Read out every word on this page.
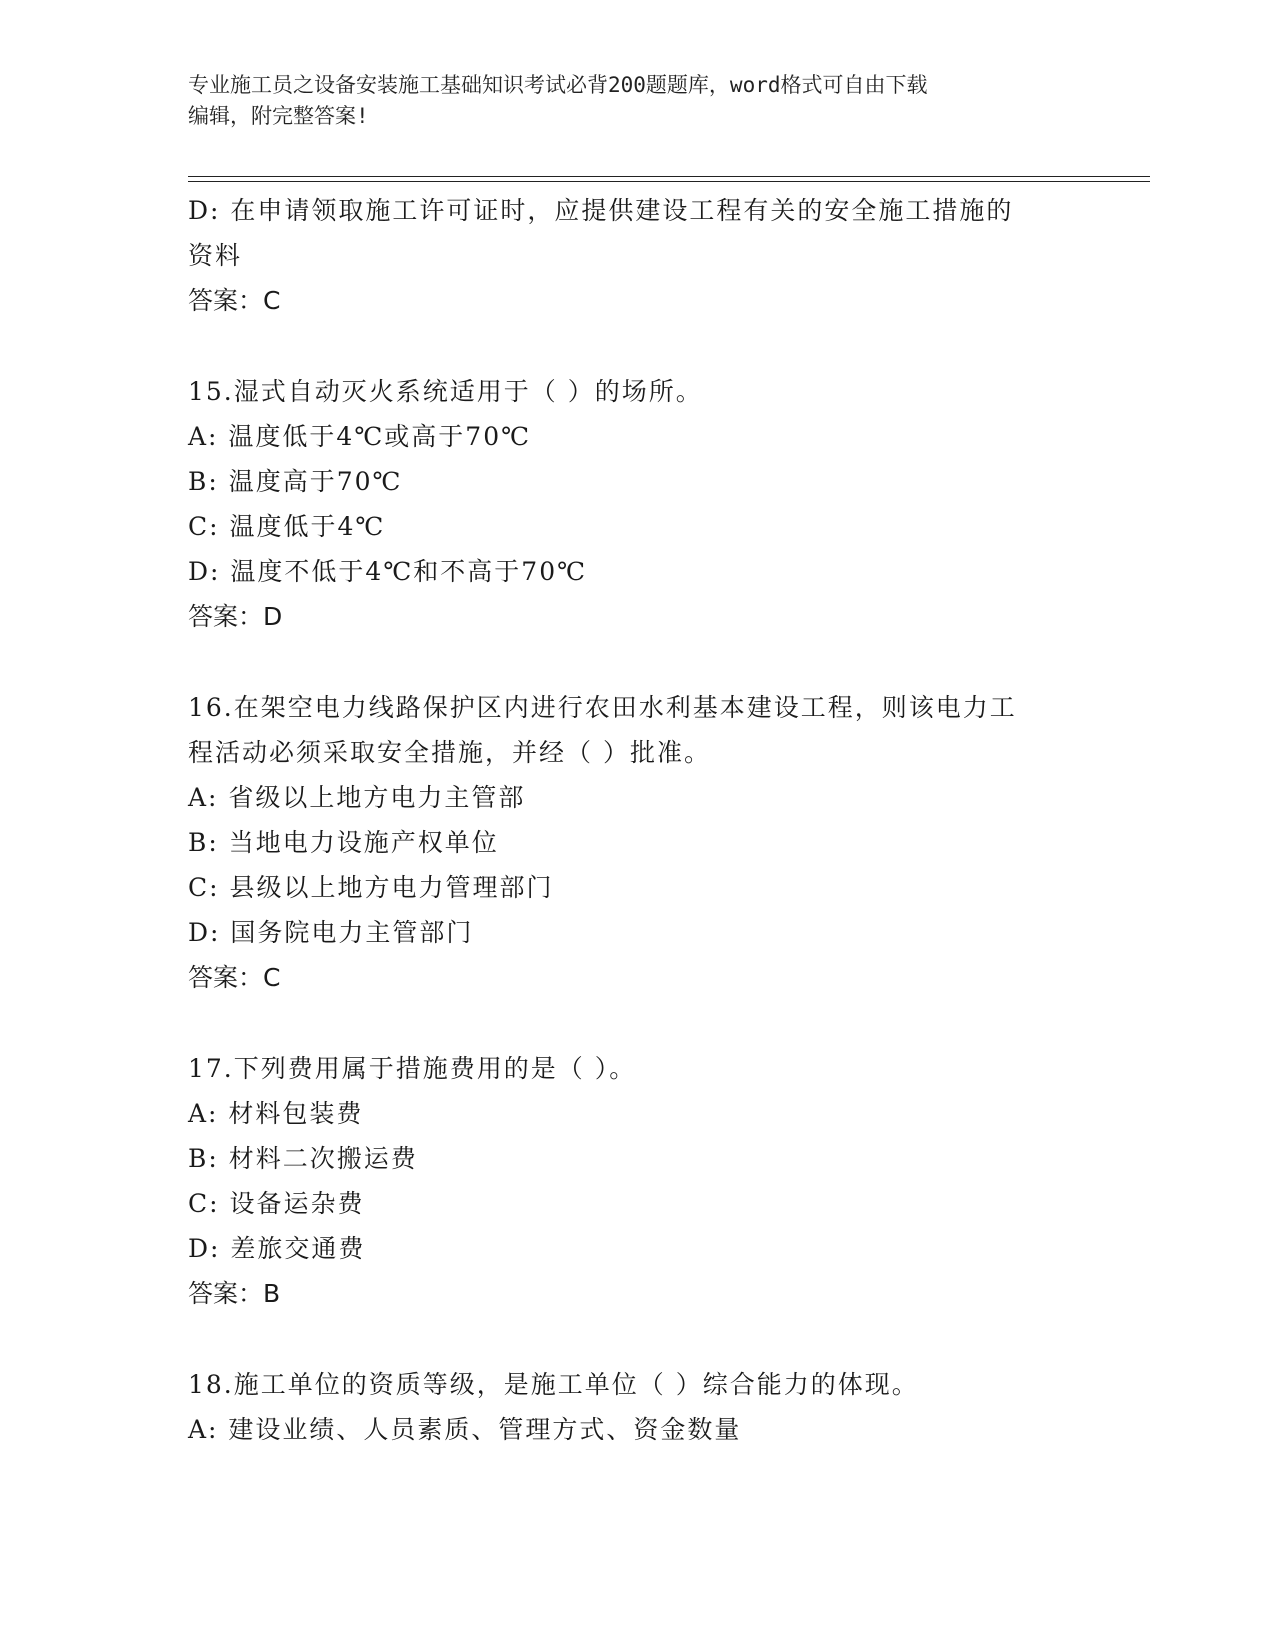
专业施工员之设备安装施工基础知识考试必背200题题库，word格式可自由下载
编辑，附完整答案!
D: 在申请领取施工许可证时，应提供建设工程有关的安全施工措施的
资料
答案：C
15.湿式自动灭火系统适用于（ ）的场所。
A: 温度低于4℃或高于70℃
B: 温度高于70℃
C: 温度低于4℃
D: 温度不低于4℃和不高于70℃
答案：D
16.在架空电力线路保护区内进行农田水利基本建设工程，则该电力工
程活动必须采取安全措施，并经（ ）批准。
A: 省级以上地方电力主管部
B: 当地电力设施产权单位
C: 县级以上地方电力管理部门
D: 国务院电力主管部门
答案：C
17.下列费用属于措施费用的是（ ）。
A: 材料包装费
B: 材料二次搬运费
C: 设备运杂费
D: 差旅交通费
答案：B
18.施工单位的资质等级，是施工单位（ ）综合能力的体现。
A: 建设业绩、人员素质、管理方式、资金数量
